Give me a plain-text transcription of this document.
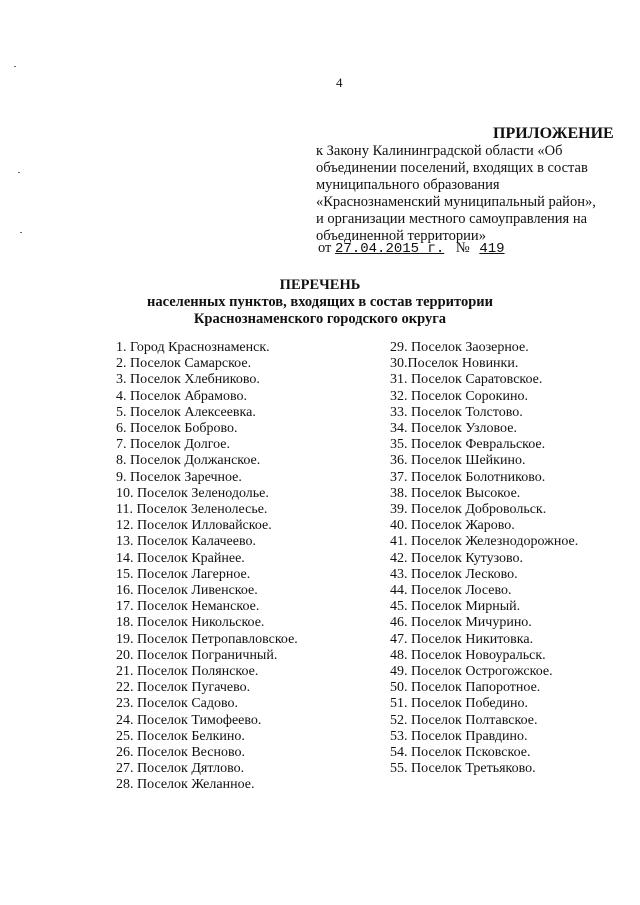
4
ПРИЛОЖЕНИЕ
к Закону Калининградской области «Об
объединении поселений, входящих в состав
муниципального образования
«Краснознаменский муниципальный район»,
и организации местного самоуправления на
объединенной территории»
от 27.04.2015 г. № 419
ПЕРЕЧЕНЬ
населенных пунктов, входящих в состав территории
Краснознаменского городского округа
1. Город Краснознаменск.
2. Поселок Самарское.
3. Поселок Хлебниково.
4. Поселок Абрамово.
5. Поселок Алексеевка.
6. Поселок Боброво.
7. Поселок Долгое.
8. Поселок Должанское.
9. Поселок Заречное.
10. Поселок Зеленодолье.
11. Поселок Зеленолесье.
12. Поселок Илловайское.
13. Поселок Калачеево.
14. Поселок Крайнее.
15. Поселок Лагерное.
16. Поселок Ливенское.
17. Поселок Неманское.
18. Поселок Никольское.
19. Поселок Петропавловское.
20. Поселок Пограничный.
21. Поселок Полянское.
22. Поселок Пугачево.
23. Поселок Садово.
24. Поселок Тимофеево.
25. Поселок Белкино.
26. Поселок Весново.
27. Поселок Дятлово.
28. Поселок Желанное.
29. Поселок Заозерное.
30.Поселок Новинки.
31. Поселок Саратовское.
32. Поселок Сорокино.
33. Поселок Толстово.
34. Поселок Узловое.
35. Поселок Февральское.
36. Поселок Шейкино.
37. Поселок Болотниково.
38. Поселок Высокое.
39. Поселок Добровольск.
40. Поселок Жарово.
41. Поселок Железнодорожное.
42. Поселок Кутузово.
43. Поселок Лесково.
44. Поселок Лосево.
45. Поселок Мирный.
46. Поселок Мичурино.
47. Поселок Никитовка.
48. Поселок Новоуральск.
49. Поселок Острогожское.
50. Поселок Папоротное.
51. Поселок Победино.
52. Поселок Полтавское.
53. Поселок Правдино.
54. Поселок Псковское.
55. Поселок Третьяково.
